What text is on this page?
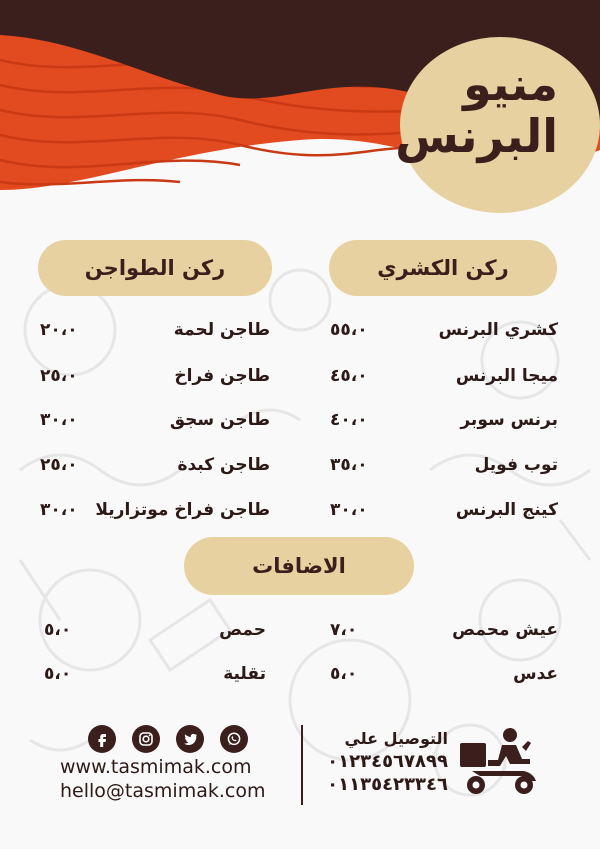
منيو
البرنس
ركن الكشري
ركن الطواجن
كشري البرنس
٥٥،٠
ميجا البرنس
٤٥،٠
برنس سوبر
٤٠،٠
توب فويل
٣٥،٠
كينج البرنس
٣٠،٠
طاجن لحمة
٢٠،٠
طاجن فراخ
٢٥،٠
طاجن سجق
٣٠،٠
طاجن كبدة
٢٥،٠
طاجن فراخ موتزاريلا
٣٠،٠
الاضافات
عيش محمص
٧،٠
عدس
٥،٠
حمص
٥،٠
تقلية
٥،٠
www.tasmimak.com
hello@tasmimak.com
التوصيل علي
٠١٢٣٤٥٦٧٨٩٩
٠١١٣٥٤٢٣٣٤٦
